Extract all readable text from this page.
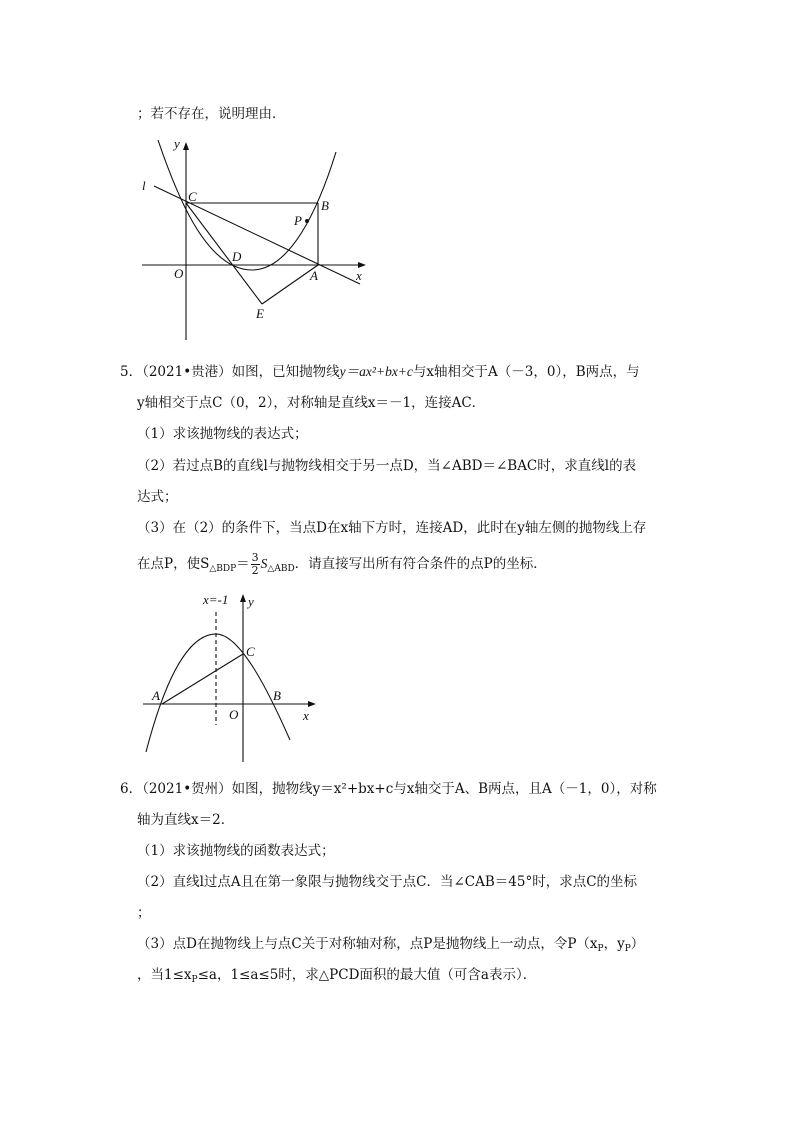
；若不存在，说明理由．
y
x
l
C
B
P
D
O	A
E
5．（2021•贵港）如图，已知抛物线y＝ax²+bx+c与x轴相交于A（－3，0），B两点，与
y轴相交于点C（0，2），对称轴是直线x＝－1，连接AC．
（1）求该抛物线的表达式；
（2）若过点B的直线l与抛物线相交于另一点D，当∠ABD＝∠BAC时，求直线l的表
达式；
（3）在（2）的条件下，当点D在x轴下方时，连接AD，此时在y轴左侧的抛物线上存
在点P，使$S_{\triangle BDP}= \frac{3}{2} S_{\triangle ABD}$．请直接写出所有符合条件的点P的坐标．
x=-1 y
C
A	B
O	x
6．（2021•贺州）如图，抛物线y＝x²+bx+c与x轴交于A、B两点，且A（－1，0），对称
轴为直线x＝2．
（1）求该抛物线的函数表达式；
（2）直线l过点A且在第一象限与抛物线交于点C．当∠CAB＝45°时，求点C的坐标
；
（3）点D在抛物线上与点C关于对称轴对称，点P是抛物线上一动点，令$P(x_P$，$y_P$）
，当$1\le x_P\le a$，1≤a≤5时，求△PCD面积的最大值（可含a表示）．
